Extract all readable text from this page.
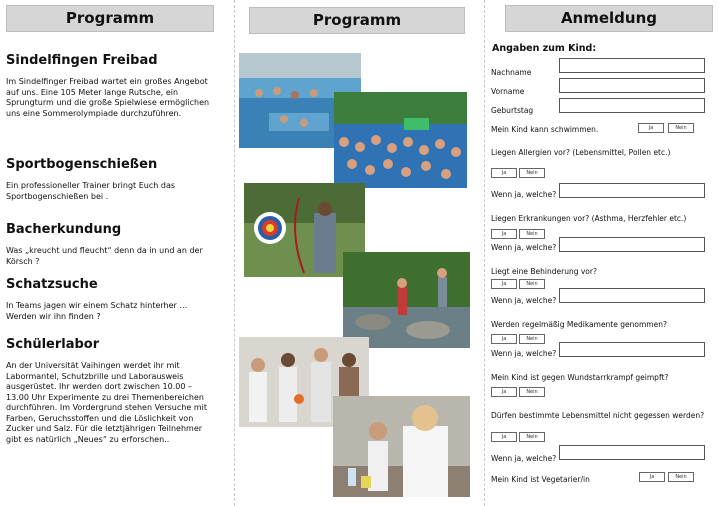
Programm
Sindelfingen Freibad
Im Sindelfinger Freibad wartet ein großes Angebot auf uns. Eine 105 Meter lange Rutsche, ein Sprungturm und die große Spielwiese ermöglichen uns eine Sommerolympiade durchzuführen.
Sportbogenschießen
Ein professioneller Trainer bringt Euch das Sportbogenschießen bei .
Bacherkundung
Was „kreucht und fleucht“ denn da in und an der Körsch ?
Schatzsuche
In Teams jagen wir einem Schatz hinterher … Werden wir ihn finden ?
Schülerlabor
An der Universität Vaihingen werdet ihr mit Labormantel, Schutzbrille und Laborausweis ausgerüstet. Ihr werden dort zwischen 10.00 – 13.00 Uhr Experimente zu drei Themenbereichen durchführen. Im Vordergrund stehen Versuche mit Farben, Geruchsstoffen und die Löslichkeit von Zucker und Salz. Für die letztjährigen Teilnehmer gibt es natürlich „Neues“ zu erforschen..
Programm	Anmeldung
Angaben zum Kind:
Nachname
Vorname
Geburtstag
Mein Kind kann schwimmen.	Ja	Nein
Liegen Allergien vor? (Lebensmittel, Pollen etc.)
Ja	Nein
Wenn ja, welche?
Liegen Erkrankungen vor? (Asthma, Herzfehler etc.)
Ja	Nein
Wenn ja, welche?
Liegt eine Behinderung vor?
Ja	Nein
Wenn ja, welche?
Werden regelmäßig Medikamente genommen?
Ja	Nein
Wenn ja, welche?
Mein Kind ist gegen Wundstarrkrampf geimpft?
Ja	Nein
Dürfen bestimmte Lebensmittel nicht gegessen werden?
Ja	Nein
Wenn ja, welche?
Mein Kind ist Vegetarier/in	Ja	Nein
